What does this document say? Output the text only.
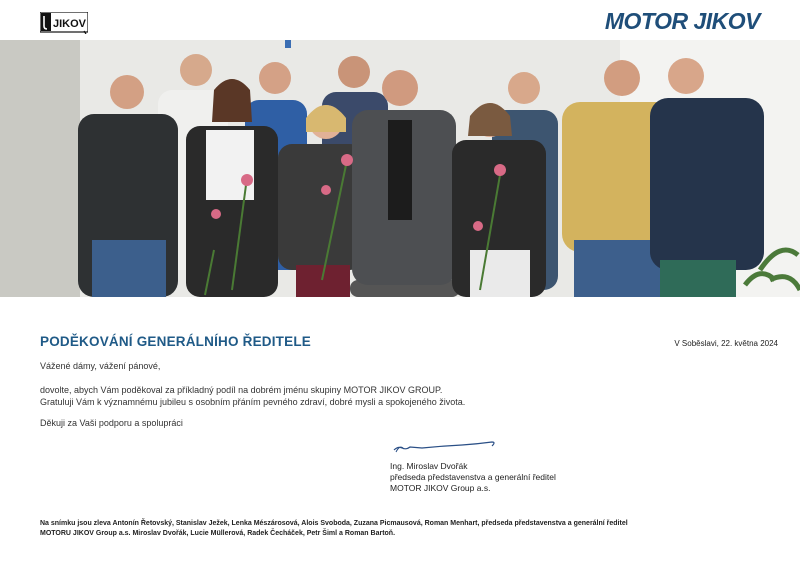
JIKOV	MOTOR JIKOV
PODĚKOVÁNÍ GENERÁLNÍHO ŘEDITELE	V Soběslavi, 22. května 2024
Vážené dámy, vážení pánové,
dovolte, abych Vám poděkoval za příkladný podíl na dobrém jménu skupiny MOTOR JIKOV GROUP.
Gratuluji Vám k významnému jubileu s osobním přáním pevného zdraví, dobré mysli a spokojeného života.
Děkuji za Vaši podporu a spolupráci
Ing. Miroslav Dvořák
předseda představenstva a generální ředitel
MOTOR JIKOV Group a.s.
Na snímku jsou zleva Antonín Řetovský, Stanislav Ježek, Lenka Mészárosová, Alois Svoboda, Zuzana Picmausová, Roman Menhart, předseda představenstva a generální ředitel
MOTORU JIKOV Group a.s. Miroslav Dvořák, Lucie Müllerová, Radek Čecháček, Petr Šiml a Roman Bartoň.
